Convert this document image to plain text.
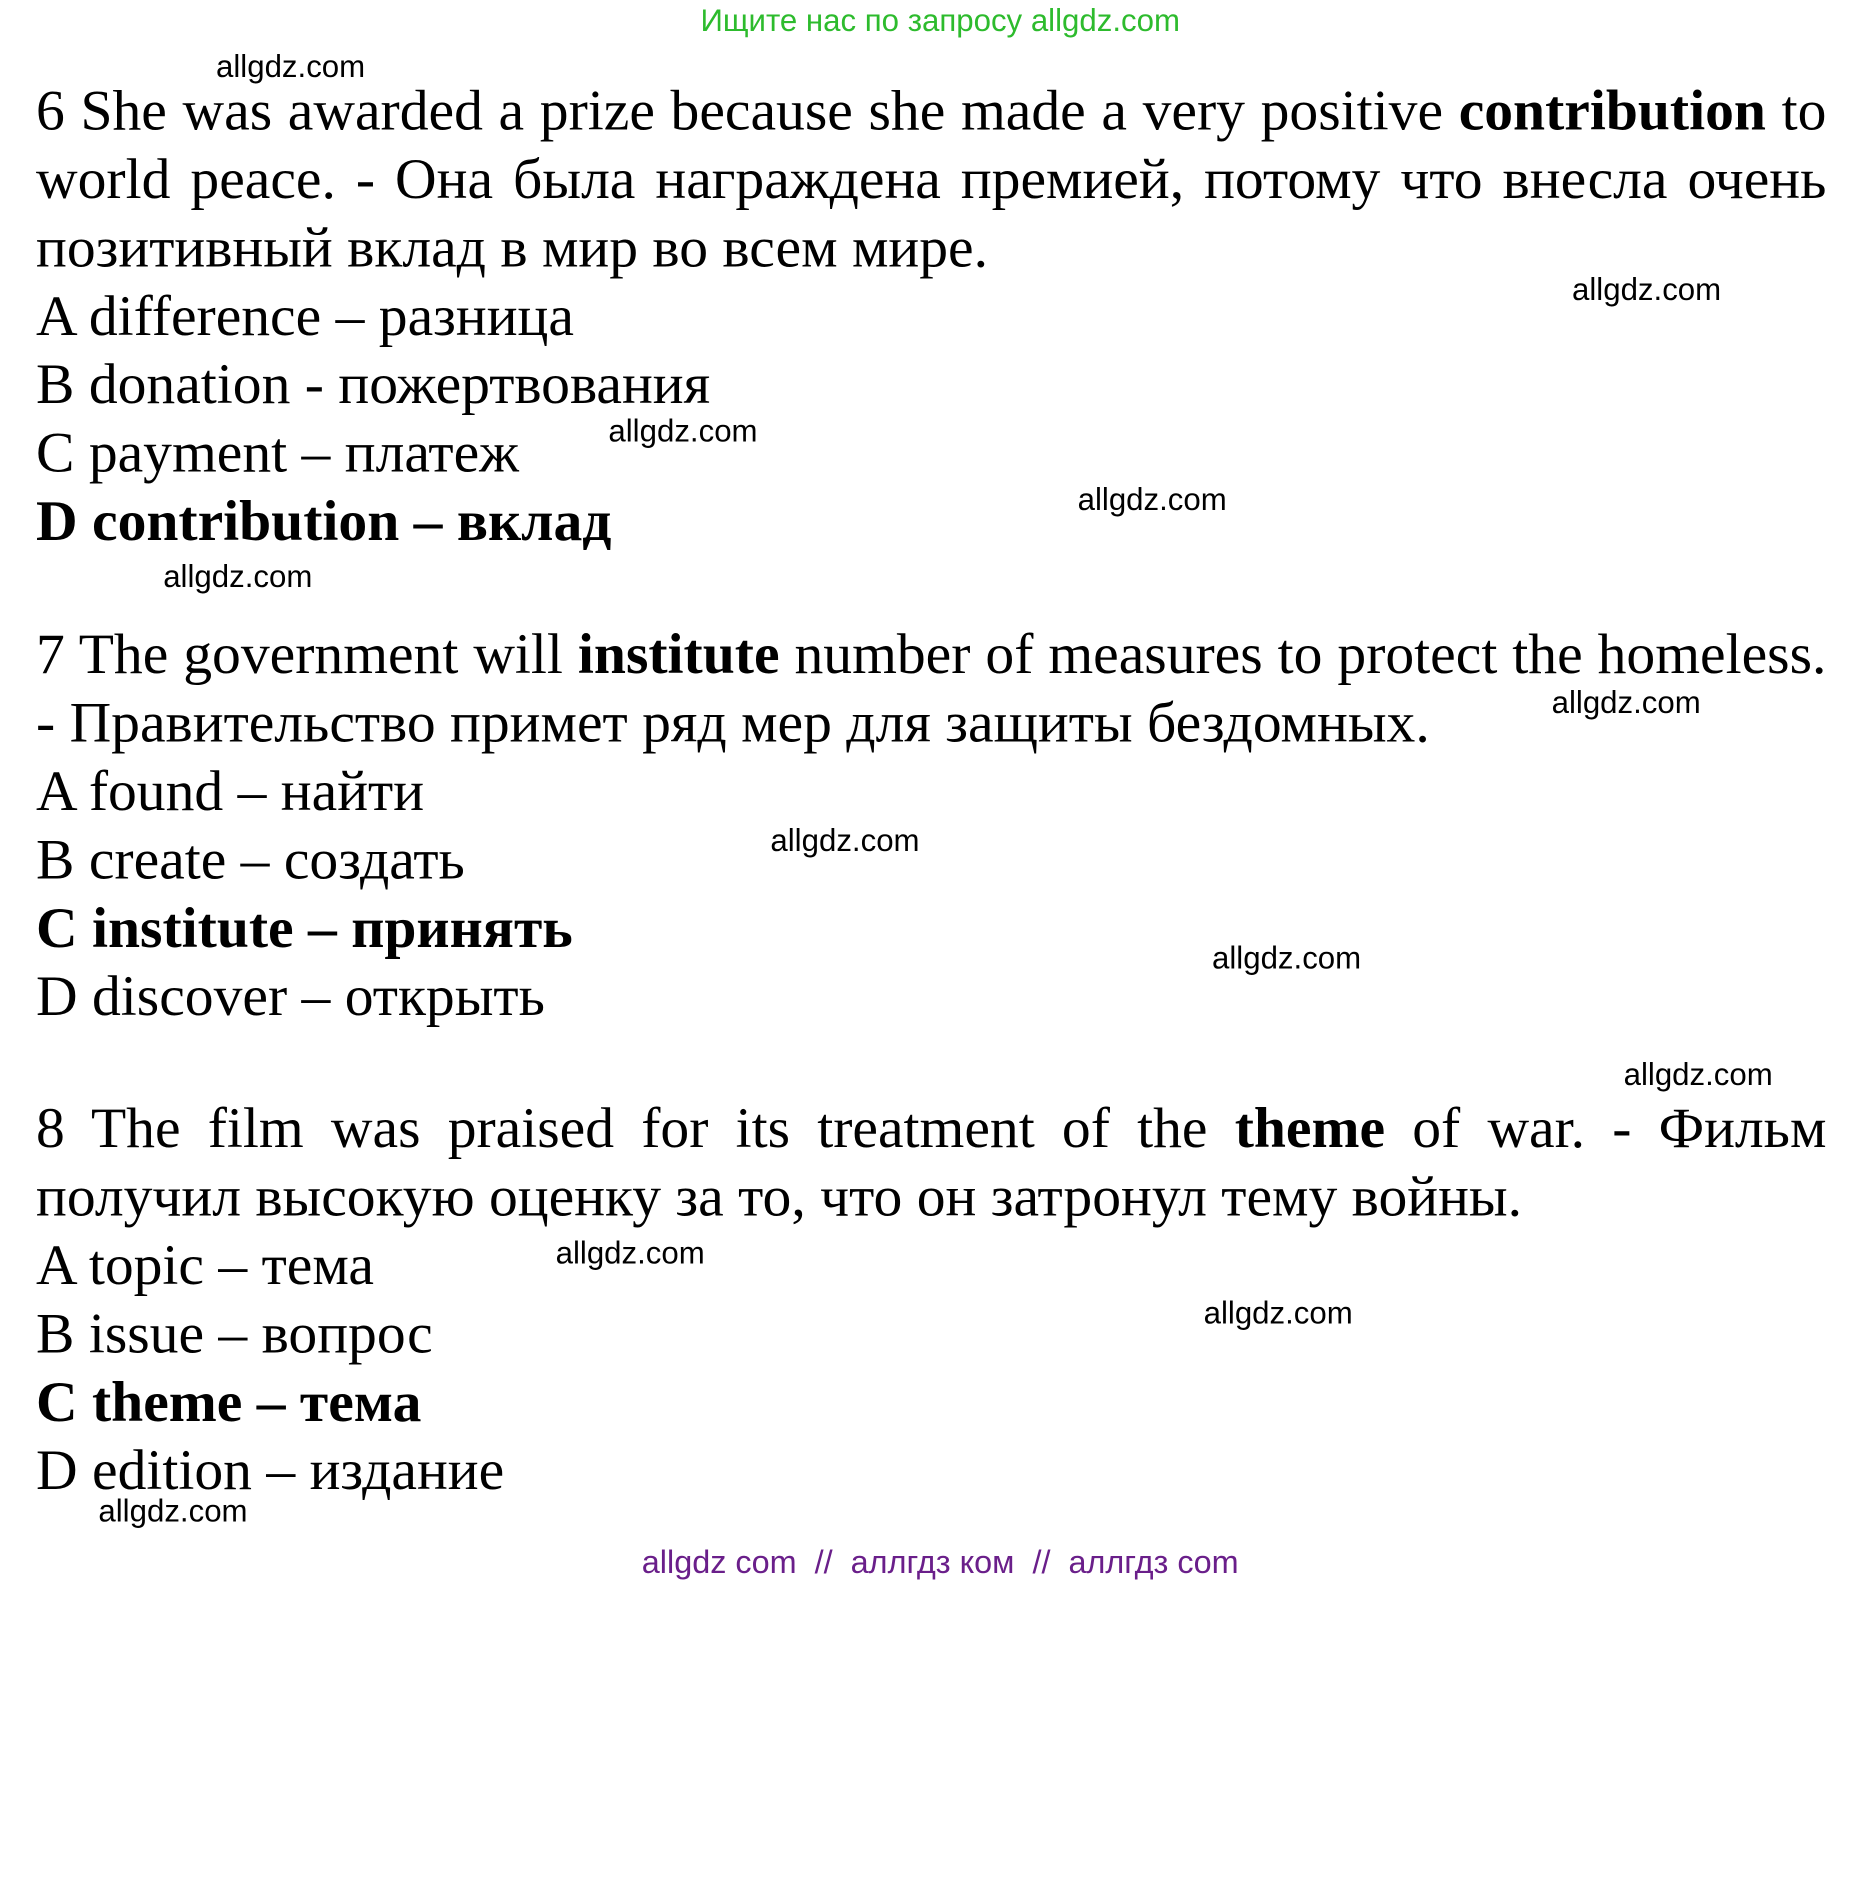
Ищите нас по запросу allgdz.com

6 She was awarded a prize because she made a very positive contribution to world peace. - Она была награждена премией, потому что внесла очень позитивный вклад в мир во всем мире.

A difference – разница

B donation - пожертвования

C payment – платеж

D contribution – вклад

7 The government will institute number of measures to protect the homeless. - Правительство примет ряд мер для защиты бездомных.

A found – найти

B create – создать

C institute – принять

D discover – открыть

8 The film was praised for its treatment of the theme of war. - Фильм получил высокую оценку за то, что он затронул тему войны.

A topic – тема

B issue – вопрос

C theme – тема

D edition – издание

allgdz.com
allgdz.com
allgdz.com
allgdz.com
allgdz.com
allgdz.com
allgdz.com
allgdz.com
allgdz.com
allgdz.com
allgdz.com
allgdz.com
allgdz com  //  аллгдз ком  //  аллгдз com
